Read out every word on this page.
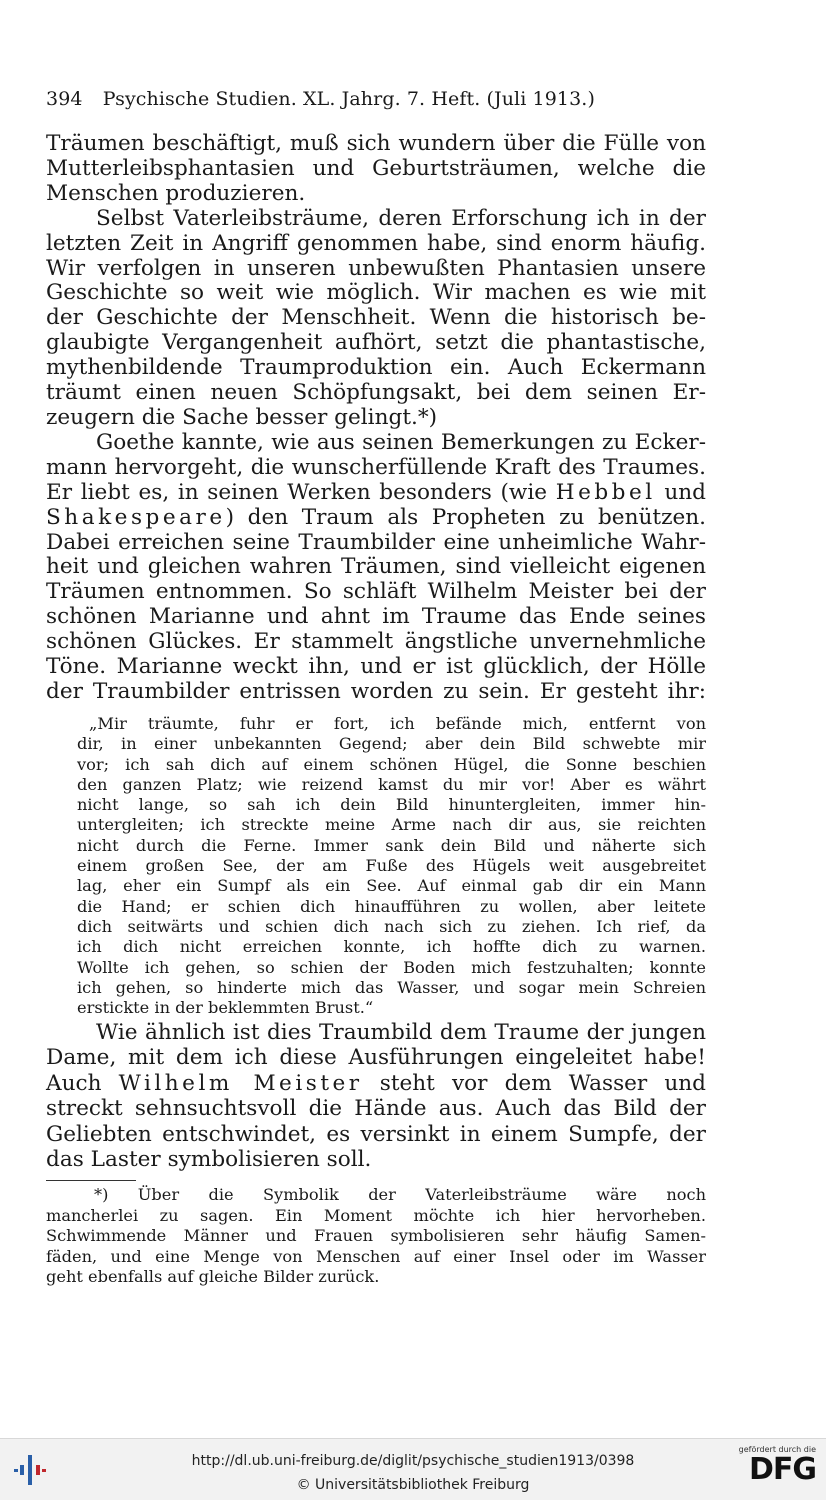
394 Psychische Studien. XL. Jahrg. 7. Heft. (Juli 1913.)
Träumen beschäftigt, muß sich wundern über die Fülle von
Mutterleibsphantasien und Geburtsträumen, welche die
Menschen produzieren.
Selbst Vaterleibsträume, deren Erforschung ich in der
letzten Zeit in Angriff genommen habe, sind enorm häufig.
Wir verfolgen in unseren unbewußten Phantasien unsere
Geschichte so weit wie möglich. Wir machen es wie mit
der Geschichte der Menschheit. Wenn die historisch be-
glaubigte Vergangenheit aufhört, setzt die phantastische,
mythenbildende Traumproduktion ein. Auch Eckermann
träumt einen neuen Schöpfungsakt, bei dem seinen Er-
zeugern die Sache besser gelingt.*)
Goethe kannte, wie aus seinen Bemerkungen zu Ecker-
mann hervorgeht, die wunscherfüllende Kraft des Traumes.
Er liebt es, in seinen Werken besonders (wie Hebbel und
Shakespeare) den Traum als Propheten zu benützen.
Dabei erreichen seine Traumbilder eine unheimliche Wahr-
heit und gleichen wahren Träumen, sind vielleicht eigenen
Träumen entnommen. So schläft Wilhelm Meister bei der
schönen Marianne und ahnt im Traume das Ende seines
schönen Glückes. Er stammelt ängstliche unvernehmliche
Töne. Marianne weckt ihn, und er ist glücklich, der Hölle
der Traumbilder entrissen worden zu sein. Er gesteht ihr:
„Mir träumte, fuhr er fort, ich befände mich, entfernt von
dir, in einer unbekannten Gegend; aber dein Bild schwebte mir
vor; ich sah dich auf einem schönen Hügel, die Sonne beschien
den ganzen Platz; wie reizend kamst du mir vor! Aber es währt
nicht lange, so sah ich dein Bild hinuntergleiten, immer hin-
untergleiten; ich streckte meine Arme nach dir aus, sie reichten
nicht durch die Ferne. Immer sank dein Bild und näherte sich
einem großen See, der am Fuße des Hügels weit ausgebreitet
lag, eher ein Sumpf als ein See. Auf einmal gab dir ein Mann
die Hand; er schien dich hinaufführen zu wollen, aber leitete
dich seitwärts und schien dich nach sich zu ziehen. Ich rief, da
ich dich nicht erreichen konnte, ich hoffte dich zu warnen.
Wollte ich gehen, so schien der Boden mich festzuhalten; konnte
ich gehen, so hinderte mich das Wasser, und sogar mein Schreien
erstickte in der beklemmten Brust.“
Wie ähnlich ist dies Traumbild dem Traume der jungen
Dame, mit dem ich diese Ausführungen eingeleitet habe!
Auch Wilhelm Meister steht vor dem Wasser und
streckt sehnsuchtsvoll die Hände aus. Auch das Bild der
Geliebten entschwindet, es versinkt in einem Sumpfe, der
das Laster symbolisieren soll.
*) Über die Symbolik der Vaterleibsträume wäre noch
mancherlei zu sagen. Ein Moment möchte ich hier hervorheben.
Schwimmende Männer und Frauen symbolisieren sehr häufig Samen-
fäden, und eine Menge von Menschen auf einer Insel oder im Wasser
geht ebenfalls auf gleiche Bilder zurück.
http://dl.ub.uni-freiburg.de/diglit/psychische_studien1913/0398
© Universitätsbibliothek Freiburg
gefördert durch die
DFG
